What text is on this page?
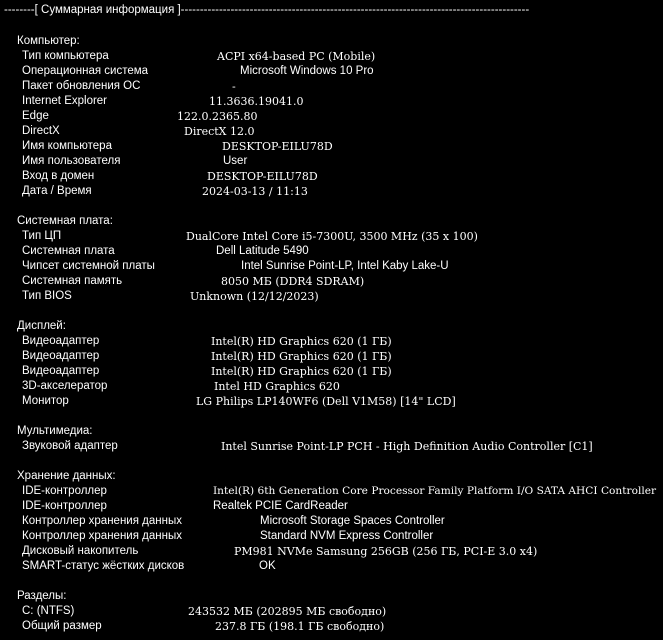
--------[ Суммарная информация ]-------------------------------------------------------------------------------------------
Компьютер:
Тип компьютера	ACPI x64-based PC (Mobile)
Операционная система	Microsoft Windows 10 Pro
Пакет обновления ОС	-
Internet Explorer	11.3636.19041.0
Edge	122.0.2365.80
DirectX	DirectX 12.0
Имя компьютера	DESKTOP-EILU78D
Имя пользователя	User
Вход в домен	DESKTOP-EILU78D
Дата / Время	2024-03-13 / 11:13
Системная плата:
Тип ЦП	DualCore Intel Core i5-7300U, 3500 MHz (35 x 100)
Системная плата	Dell Latitude 5490
Чипсет системной платы	Intel Sunrise Point-LP, Intel Kaby Lake-U
Системная память	8050 МБ (DDR4 SDRAM)
Тип BIOS	Unknown (12/12/2023)
Дисплей:
Видеоадаптер	Intel(R) HD Graphics 620 (1 ГБ)
Видеоадаптер	Intel(R) HD Graphics 620 (1 ГБ)
Видеоадаптер	Intel(R) HD Graphics 620 (1 ГБ)
3D-акселератор	Intel HD Graphics 620
Монитор	LG Philips LP140WF6 (Dell V1M58) [14" LCD]
Мультимедиа:
Звуковой адаптер	Intel Sunrise Point-LP PCH - High Definition Audio Controller [C1]
Хранение данных:
IDE-контроллер	Intel(R) 6th Generation Core Processor Family Platform I/O SATA AHCI Controller
IDE-контроллер	Realtek PCIE CardReader
Контроллер хранения данных	Microsoft Storage Spaces Controller
Контроллер хранения данных	Standard NVM Express Controller
Дисковый накопитель	PM981 NVMe Samsung 256GB (256 ГБ, PCI-E 3.0 x4)
SMART-статус жёстких дисков	OK
Разделы:
C: (NTFS)	243532 МБ (202895 МБ свободно)
Общий размер	237.8 ГБ (198.1 ГБ свободно)
